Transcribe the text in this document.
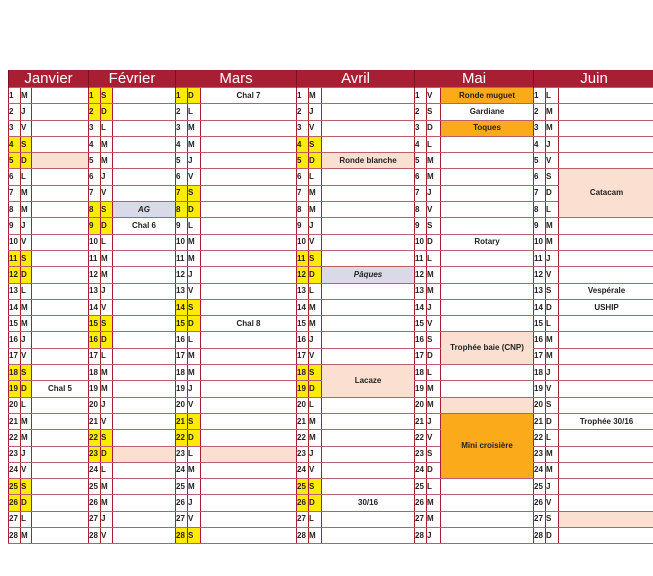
Janvier			Février			Mars			Avril			Mai			Juin		
1	M		1	S		1	D	Chal 7	1	M		1	V	Ronde muguet	1	L	
2	J		2	D		2	L		2	J		2	S	Gardiane	2	M	
3	V		3	L		3	M		3	V		3	D	Toques	3	M	
4	S		4	M		4	M		4	S		4	L		4	J	
5	D		5	M		5	J		5	D	Ronde blanche	5	M		5	V	
6	L		6	J		6	V		6	L		6	M		6	S	Catacam
7	M		7	V		7	S		7	M		7	J		7	D	
8	M		8	S	AG	8	D		8	M		8	V		8	L	
9	J		9	D	Chal 6	9	L		9	J		9	S		9	M	
10	V		10	L		10	M		10	V		10	D	Rotary	10	M	
11	S		11	M		11	M		11	S		11	L		11	J	
12	D		12	M		12	J		12	D	Pâques	12	M		12	V	
13	L		13	J		13	V		13	L		13	M		13	S	Vespérale
14	M		14	V		14	S		14	M		14	J		14	D	USHIP
15	M		15	S		15	D	Chal 8	15	M		15	V		15	L	
16	J		16	D		16	L		16	J		16	S	Trophée baie (CNP)	16	M	
17	V		17	L		17	M		17	V		17	D		17	M	
18	S		18	M		18	M		18	S	Lacaze	18	L		18	J	
19	D	Chal 5	19	M		19	J		19	D		19	M		19	V	
20	L		20	J		20	V		20	L		20	M		20	S	
21	M		21	V		21	S		21	M		21	J	Mini croisière	21	D	Trophée 30/16
22	M		22	S		22	D		22	M		22	V		22	L	
23	J		23	D		23	L		23	J		23	S		23	M	
24	V		24	L		24	M		24	V		24	D		24	M	
25	S		25	M		25	M		25	S		25	L		25	J	
26	D		26	M		26	J		26	D	30/16	26	M		26	V	
27	L		27	J		27	V		27	L		27	M		27	S	
28	M		28	V		28	S		28	M		28	J		28	D	
